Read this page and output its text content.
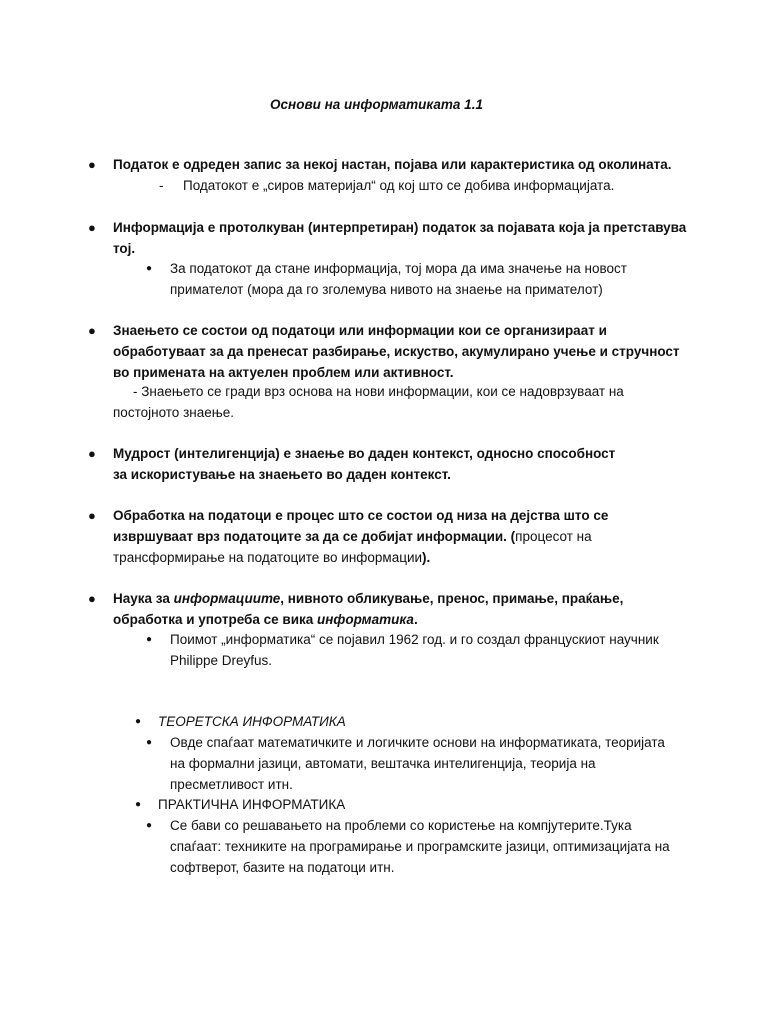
Основи на информатиката 1.1
● Податок е одреден запис за некој настан, појава или карактеристика од околината.
-	Податокот е „сиров материјал“ од кој што се добива информацијата.
● Информација е протолкуван (интерпретиран) податок за појавата која ја претставува тој.
● За податокот да стане информација, тој мора да има значење на новост примателот (мора да го зголемува нивото на знаење на примателот)
● Знаењето се состои од податоци или информации кои се организираат и обработуваат за да пренесат разбирање, искуство, акумулирано учење и стручност во примената на актуелен проблем или активност.
- Знаењето се гради врз основа на нови информации, кои се надоврзуваат на постојното знаење.
● Мудрост (интелигенција) е знаење во даден контекст, односно способност за искористување на знаењето во даден контекст.
● Обработка на податоци е процес што се состои од низа на дејства што се извршуваат врз податоците за да се добијат информации. (процесот на трансформирање на податоците во информации).
● Наука за информациите, нивното обликување, пренос, примање, праќање, обработка и употреба се вика информатика.
● Поимот „информатика“ се појавил 1962 год. и го создал францускиот научник Philippe Dreyfus.
● ТЕОРЕТСКА ИНФОРМАТИКА
● Овде спаѓаат математичките и логичките основи на информатиката, теоријата на формални јазици, автомати, вештачка интелигенција, теорија на пресметливост итн.
● ПРАКТИЧНА ИНФОРМАТИКА
● Се бави со решавањето на проблеми со користење на компјутерите.Тука спаѓаат: техниките на програмирање и програмските јазици, оптимизацијата на софтверот, базите на податоци итн.
